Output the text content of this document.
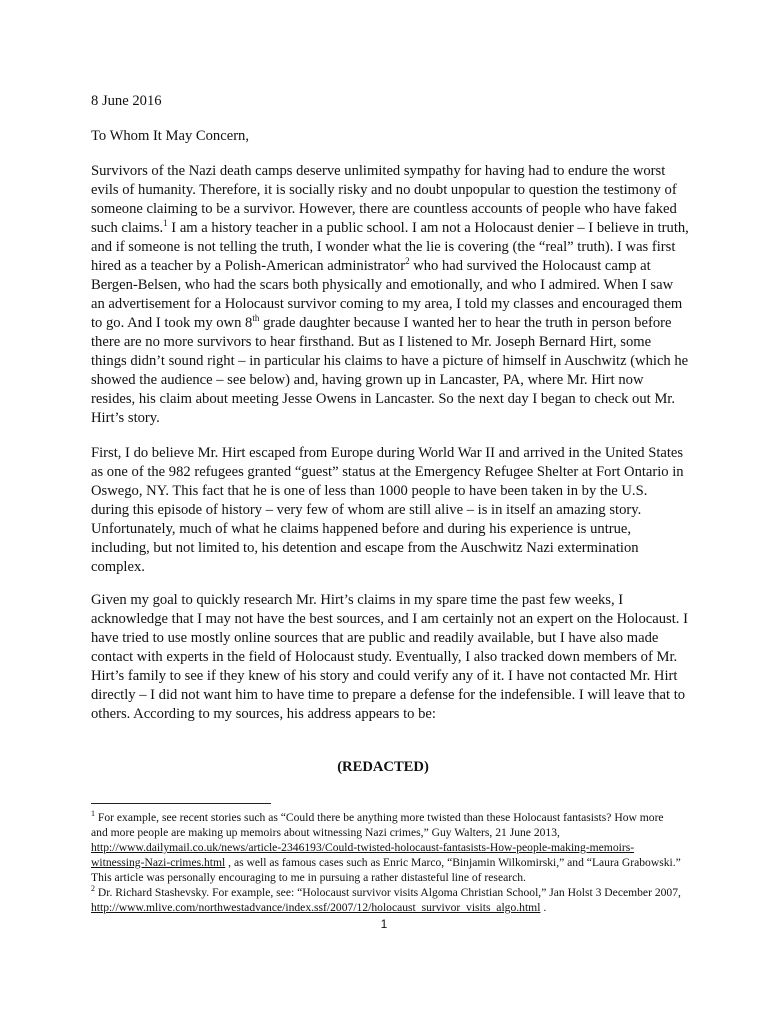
8 June 2016
To Whom It May Concern,

Survivors of the Nazi death camps deserve unlimited sympathy for having had to endure the worst evils of humanity. Therefore, it is socially risky and no doubt unpopular to question the testimony of someone claiming to be a survivor. However, there are countless accounts of people who have faked such claims.$^1$ I am a history teacher in a public school. I am not a Holocaust denier – I believe in truth, and if someone is not telling the truth, I wonder what the lie is covering (the “real” truth). I was first hired as a teacher by a Polish-American administrator$^2$ who had survived the Holocaust camp at Bergen-Belsen, who had the scars both physically and emotionally, and who I admired. When I saw an advertisement for a Holocaust survivor coming to my area, I told my classes and encouraged them to go. And I took my own 8th grade daughter because I wanted her to hear the truth in person before there are no more survivors to hear firsthand. But as I listened to Mr. Joseph Bernard Hirt, some things didn’t sound right – in particular his claims to have a picture of himself in Auschwitz (which he showed the audience – see below) and, having grown up in Lancaster, PA, where Mr. Hirt now resides, his claim about meeting Jesse Owens in Lancaster. So the next day I began to check out Mr. Hirt’s story.

First, I do believe Mr. Hirt escaped from Europe during World War II and arrived in the United States as one of the 982 refugees granted “guest” status at the Emergency Refugee Shelter at Fort Ontario in Oswego, NY. This fact that he is one of less than 1000 people to have been taken in by the U.S. during this episode of history – very few of whom are still alive – is in itself an amazing story. Unfortunately, much of what he claims happened before and during his experience is untrue, including, but not limited to, his detention and escape from the Auschwitz Nazi extermination complex.

Given my goal to quickly research Mr. Hirt’s claims in my spare time the past few weeks, I acknowledge that I may not have the best sources, and I am certainly not an expert on the Holocaust. I have tried to use mostly online sources that are public and readily available, but I have also made contact with experts in the field of Holocaust study. Eventually, I also tracked down members of Mr. Hirt’s family to see if they knew of his story and could verify any of it. I have not contacted Mr. Hirt directly – I did not want him to have time to prepare a defense for the indefensible. I will leave that to others. According to my sources, his address appears to be:

(REDACTED)

$^1$ For example, see recent stories such as “Could there be anything more twisted than these Holocaust fantasists? How more and more people are making up memoirs about witnessing Nazi crimes,” Guy Walters, 21 June 2013, http://www.dailymail.co.uk/news/article-2346193/Could-twisted-holocaust-fantasists-How-people-making-memoirs-witnessing-Nazi-crimes.html , as well as famous cases such as Enric Marco, “Binjamin Wilkomirski,” and “Laura Grabowski.” This article was personally encouraging to me in pursuing a rather distasteful line of research.

$^2$ Dr. Richard Stashevsky. For example, see: “Holocaust survivor visits Algoma Christian School,” Jan Holst 3 December 2007, http://www.mlive.com/northwestadvance/index.ssf/2007/12/holocaust_survivor_visits_algo.html .

1
